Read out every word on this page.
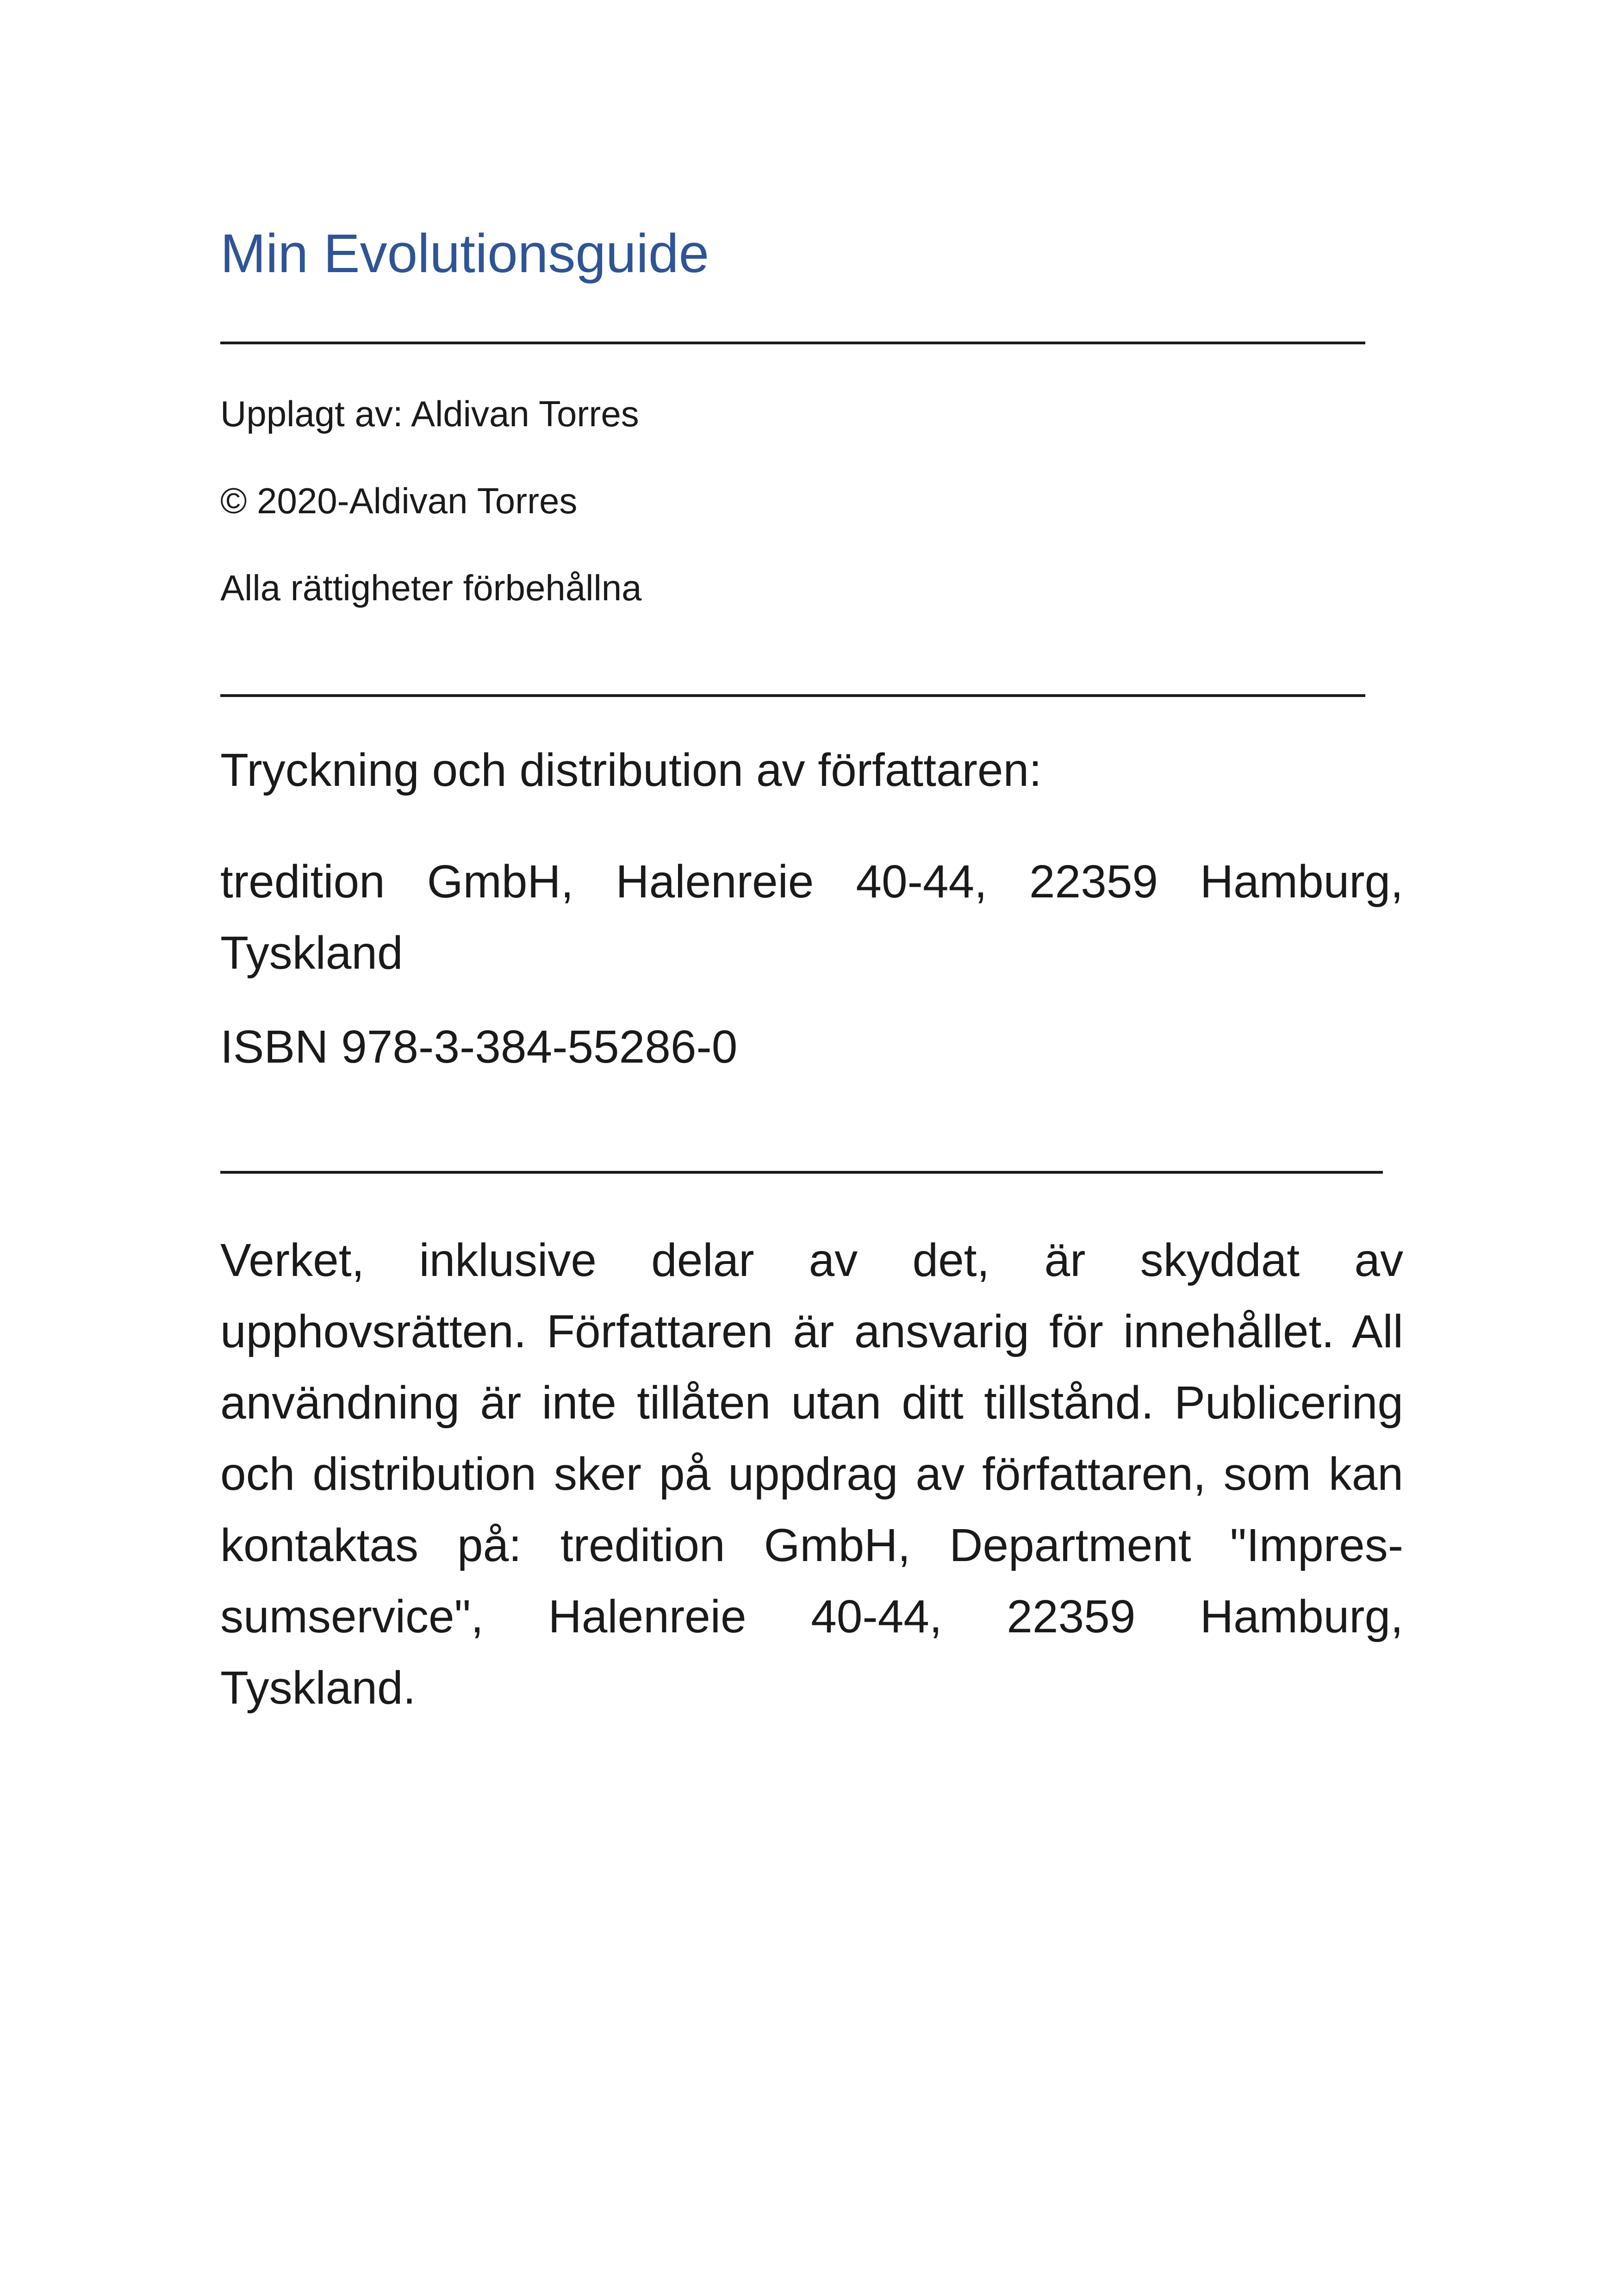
Min Evolutionsguide

Upplagt av: Aldivan Torres

© 2020-Aldivan Torres

Alla rättigheter förbehållna

Tryckning och distribution av författaren:

tredition GmbH, Halenreie 40-44, 22359 Hamburg, Tyskland

ISBN 978-3-384-55286-0

Verket, inklusive delar av det, är skyddat av upphovsrätten. Författaren är ansvarig för innehållet. All användning är inte tillåten utan ditt tillstånd. Publicering och distribution sker på uppdrag av författaren, som kan kontaktas på: tredition GmbH, Department "Impres-sumservice", Halenreie 40-44, 22359 Hamburg, Tyskland.
